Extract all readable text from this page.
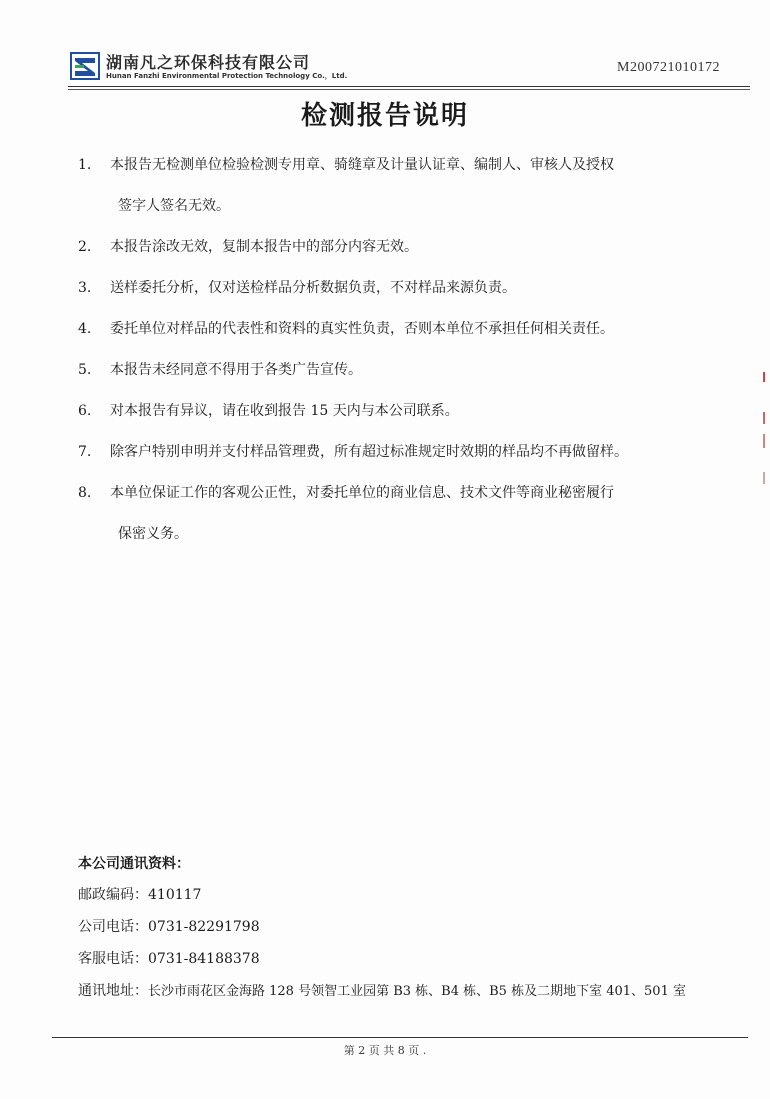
湖南凡之环保科技有限公司
Hunan Fanzhi Environmental Protection Technology Co.，Ltd.
M200721010172
检测报告说明
1.	本报告无检测单位检验检测专用章、骑缝章及计量认证章、编制人、审核人及授权
签字人签名无效。
2.	本报告涂改无效，复制本报告中的部分内容无效。
3.	送样委托分析，仅对送检样品分析数据负责，不对样品来源负责。
4.	委托单位对样品的代表性和资料的真实性负责，否则本单位不承担任何相关责任。
5.	本报告未经同意不得用于各类广告宣传。
6.	对本报告有异议，请在收到报告 15 天内与本公司联系。
7.	除客户特别申明并支付样品管理费，所有超过标准规定时效期的样品均不再做留样。
8.	本单位保证工作的客观公正性，对委托单位的商业信息、技术文件等商业秘密履行
保密义务。
本公司通讯资料：
邮政编码：410117
公司电话：0731-82291798
客服电话：0731-84188378
通讯地址：长沙市雨花区金海路 128 号领智工业园第 B3 栋、B4 栋、B5 栋及二期地下室 401、501 室
第 2 页 共 8 页 .
